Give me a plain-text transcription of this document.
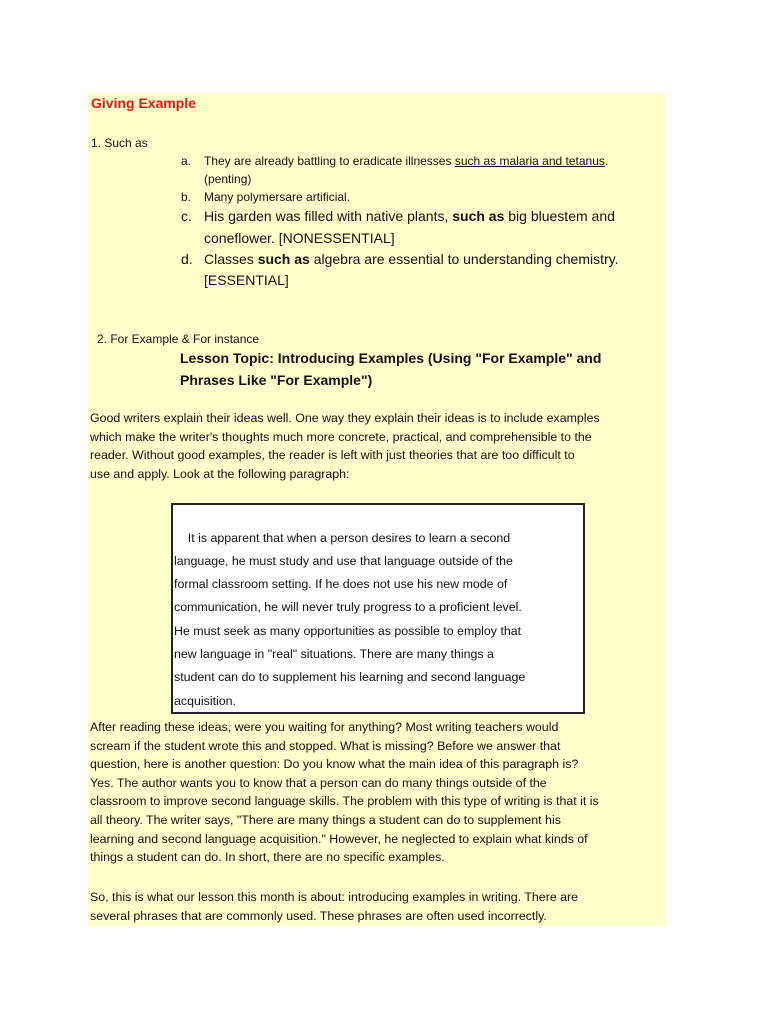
Giving Example
1. Such as
a. They are already battling to eradicate illnesses such as malaria and tetanus.
(penting)
b. Many polymersare artificial.
c. His garden was filled with native plants, such as big bluestem and
coneflower. [NONESSENTIAL]
d. Classes such as algebra are essential to understanding chemistry.
[ESSENTIAL]
2. For Example & For instance
Lesson Topic: Introducing Examples (Using "For Example" and
Phrases Like "For Example")
Good writers explain their ideas well. One way they explain their ideas is to include examples
which make the writer's thoughts much more concrete, practical, and comprehensible to the
reader. Without good examples, the reader is left with just theories that are too difficult to
use and apply. Look at the following paragraph:
It is apparent that when a person desires to learn a second
language, he must study and use that language outside of the
formal classroom setting. If he does not use his new mode of
communication, he will never truly progress to a proficient level.
He must seek as many opportunities as possible to employ that
new language in "real" situations. There are many things a
student can do to supplement his learning and second language
acquisition.
After reading these ideas, were you waiting for anything? Most writing teachers would
scream if the student wrote this and stopped. What is missing? Before we answer that
question, here is another question: Do you know what the main idea of this paragraph is?
Yes. The author wants you to know that a person can do many things outside of the
classroom to improve second language skills. The problem with this type of writing is that it is
all theory. The writer says, "There are many things a student can do to supplement his
learning and second language acquisition." However, he neglected to explain what kinds of
things a student can do. In short, there are no specific examples.
So, this is what our lesson this month is about: introducing examples in writing. There are
several phrases that are commonly used. These phrases are often used incorrectly.
